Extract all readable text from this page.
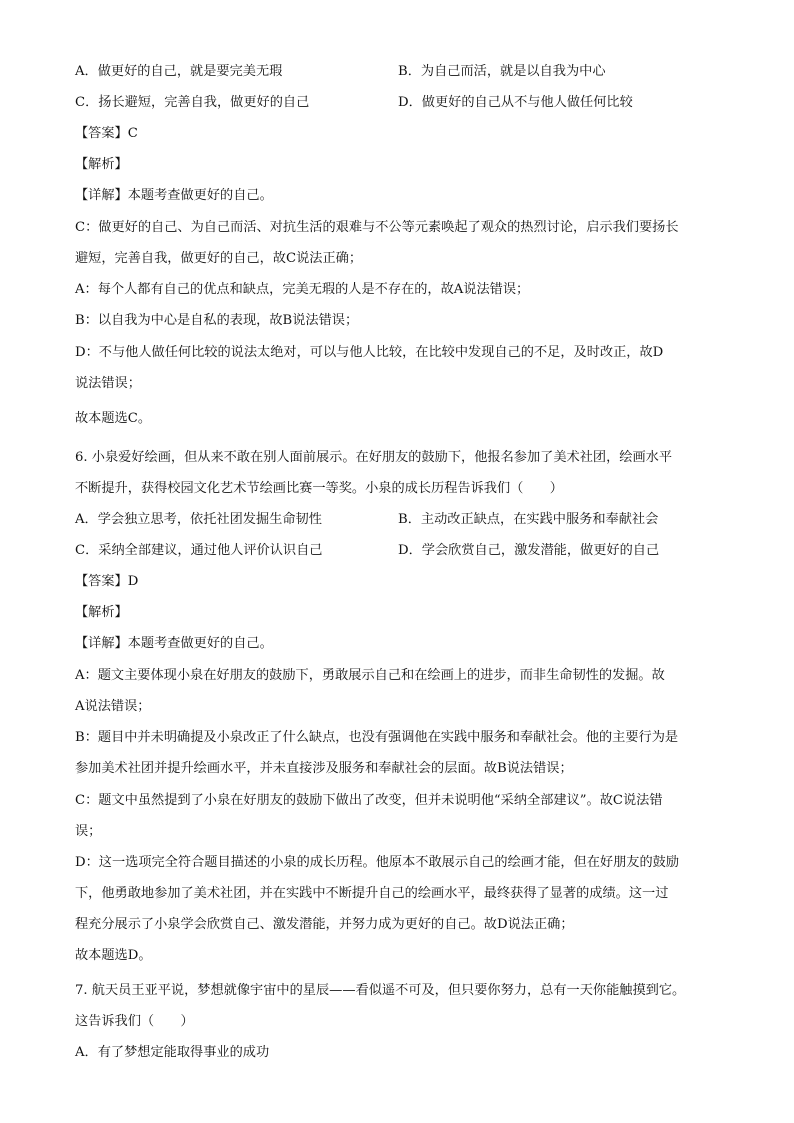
A．做更好的自己，就是要完美无瑕	B．为自己而活，就是以自我为中心
C．扬长避短，完善自我，做更好的自己	D．做更好的自己从不与他人做任何比较
【答案】C
【解析】
【详解】本题考查做更好的自己。
C：做更好的自己、为自己而活、对抗生活的艰难与不公等元素唤起了观众的热烈讨论，启示我们要扬长
避短，完善自我，做更好的自己，故C说法正确；
A：每个人都有自己的优点和缺点，完美无瑕的人是不存在的，故A说法错误；
B：以自我为中心是自私的表现，故B说法错误；
D：不与他人做任何比较的说法太绝对，可以与他人比较，在比较中发现自己的不足，及时改正，故D
说法错误；
故本题选C。
6. 小泉爱好绘画，但从来不敢在别人面前展示。在好朋友的鼓励下，他报名参加了美术社团，绘画水平
不断提升，获得校园文化艺术节绘画比赛一等奖。小泉的成长历程告诉我们（　　）
A．学会独立思考，依托社团发掘生命韧性	B．主动改正缺点，在实践中服务和奉献社会
C．采纳全部建议，通过他人评价认识自己	D．学会欣赏自己，激发潜能，做更好的自己
【答案】D
【解析】
【详解】本题考查做更好的自己。
A：题文主要体现小泉在好朋友的鼓励下，勇敢展示自己和在绘画上的进步，而非生命韧性的发掘。故
A说法错误；
B：题目中并未明确提及小泉改正了什么缺点，也没有强调他在实践中服务和奉献社会。他的主要行为是
参加美术社团并提升绘画水平，并未直接涉及服务和奉献社会的层面。故B说法错误；
C：题文中虽然提到了小泉在好朋友的鼓励下做出了改变，但并未说明他“采纳全部建议”。故C说法错
误；
D：这一选项完全符合题目描述的小泉的成长历程。他原本不敢展示自己的绘画才能，但在好朋友的鼓励
下，他勇敢地参加了美术社团，并在实践中不断提升自己的绘画水平，最终获得了显著的成绩。这一过
程充分展示了小泉学会欣赏自己、激发潜能，并努力成为更好的自己。故D说法正确；
故本题选D。
7. 航天员王亚平说，梦想就像宇宙中的星辰——看似遥不可及，但只要你努力，总有一天你能触摸到它。
这告诉我们（　　）
A．有了梦想定能取得事业的成功
